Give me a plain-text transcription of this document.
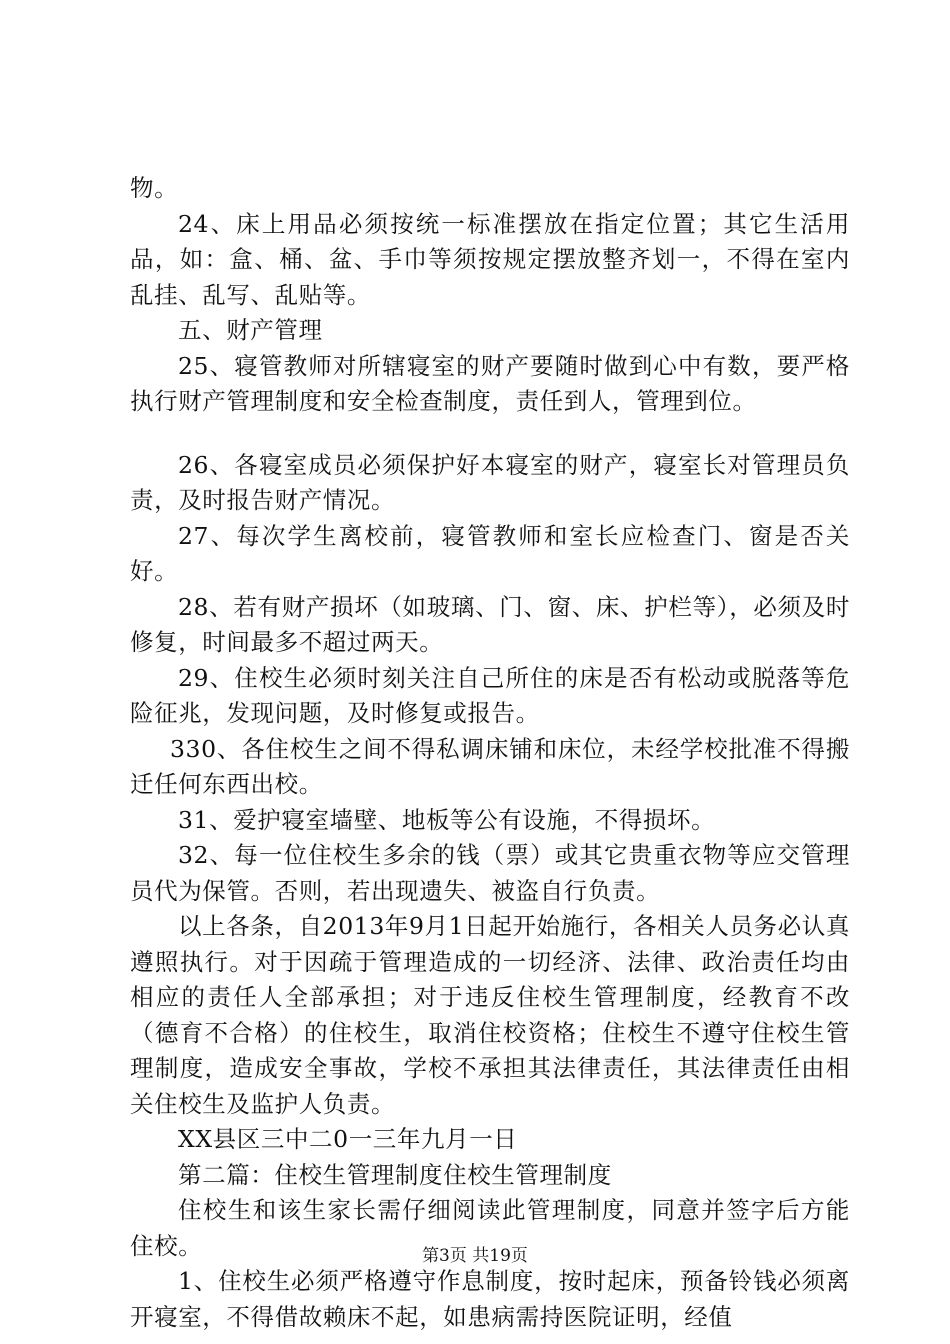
物。

24、床上用品必须按统一标准摆放在指定位置；其它生活用品，如：盒、桶、盆、手巾等须按规定摆放整齐划一，不得在室内乱挂、乱写、乱贴等。

五、财产管理

25、寝管教师对所辖寝室的财产要随时做到心中有数，要严格执行财产管理制度和安全检查制度，责任到人，管理到位。

26、各寝室成员必须保护好本寝室的财产，寝室长对管理员负责，及时报告财产情况。

27、每次学生离校前，寝管教师和室长应检查门、窗是否关好。

28、若有财产损坏（如玻璃、门、窗、床、护栏等），必须及时修复，时间最多不超过两天。

29、住校生必须时刻关注自己所住的床是否有松动或脱落等危险征兆，发现问题，及时修复或报告。

330、各住校生之间不得私调床铺和床位，未经学校批准不得搬迁任何东西出校。

31、爱护寝室墙壁、地板等公有设施，不得损坏。

32、每一位住校生多余的钱（票）或其它贵重衣物等应交管理员代为保管。否则，若出现遗失、被盗自行负责。

以上各条，自2013年9月1日起开始施行，各相关人员务必认真遵照执行。对于因疏于管理造成的一切经济、法律、政治责任均由相应的责任人全部承担；对于违反住校生管理制度，经教育不改（德育不合格）的住校生，取消住校资格；住校生不遵守住校生管理制度，造成安全事故，学校不承担其法律责任，其法律责任由相关住校生及监护人负责。

XX县区三中二0一三年九月一日

第二篇：住校生管理制度住校生管理制度

住校生和该生家长需仔细阅读此管理制度，同意并签字后方能住校。

1、住校生必须严格遵守作息制度，按时起床，预备铃钱必须离开寝室，不得借故赖床不起，如患病需持医院证明，经值

第3页 共19页
